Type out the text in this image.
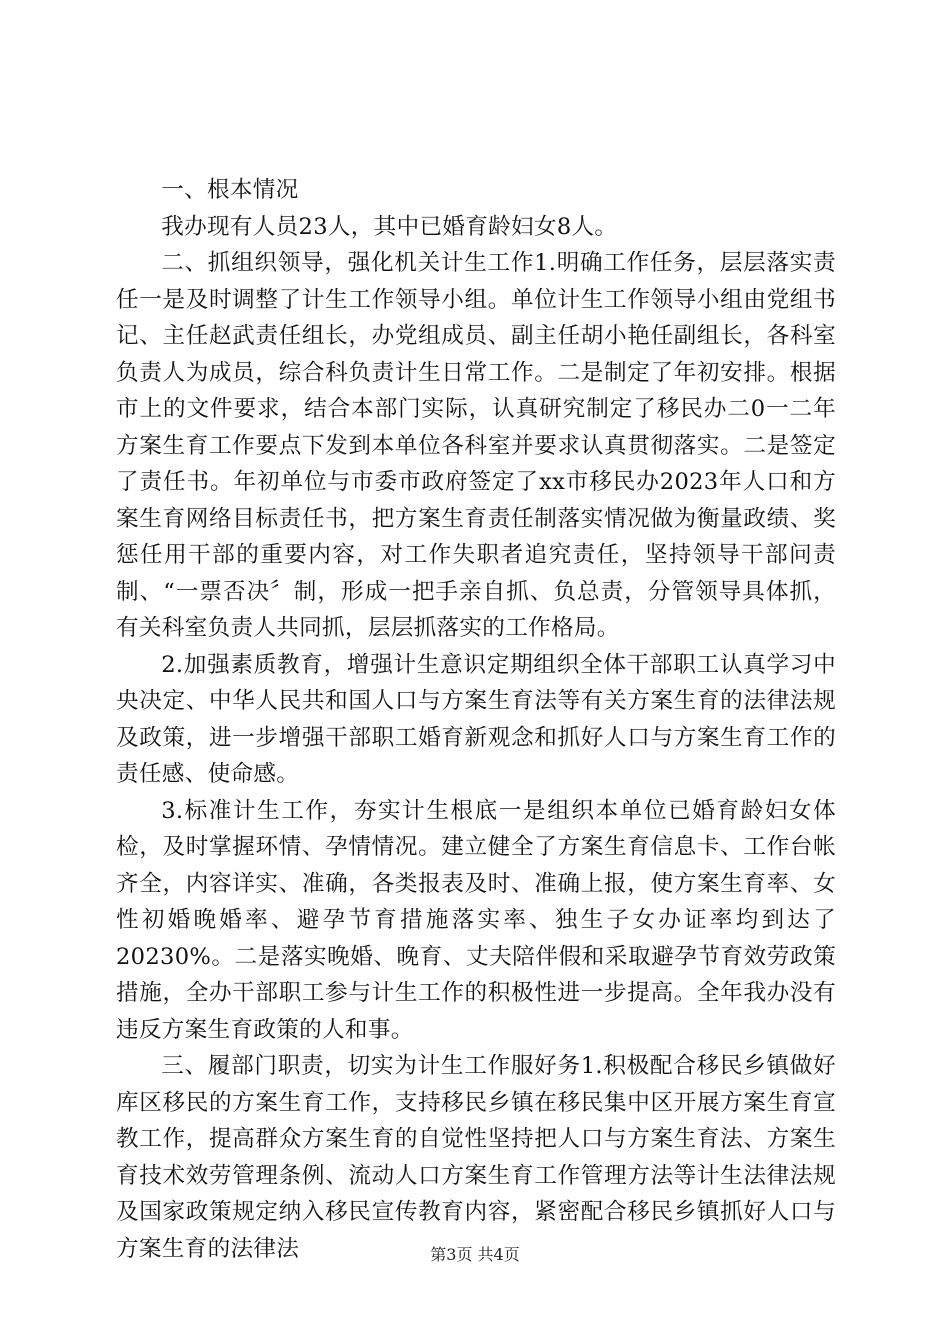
一、根本情况

我办现有人员23人，其中已婚育龄妇女8人。

二、抓组织领导，强化机关计生工作1.明确工作任务，层层落实责任一是及时调整了计生工作领导小组。单位计生工作领导小组由党组书记、主任赵武责任组长，办党组成员、副主任胡小艳任副组长，各科室负责人为成员，综合科负责计生日常工作。二是制定了年初安排。根据市上的文件要求，结合本部门实际，认真研究制定了移民办二0一二年方案生育工作要点下发到本单位各科室并要求认真贯彻落实。二是签定了责任书。年初单位与市委市政府签定了xx市移民办2023年人口和方案生育网络目标责任书，把方案生育责任制落实情况做为衡量政绩、奖惩任用干部的重要内容，对工作失职者追究责任，坚持领导干部问责制、“一票否决〞制，形成一把手亲自抓、负总责，分管领导具体抓，有关科室负责人共同抓，层层抓落实的工作格局。

2.加强素质教育，增强计生意识定期组织全体干部职工认真学习中央决定、中华人民共和国人口与方案生育法等有关方案生育的法律法规及政策，进一步增强干部职工婚育新观念和抓好人口与方案生育工作的责任感、使命感。

3.标准计生工作，夯实计生根底一是组织本单位已婚育龄妇女体检，及时掌握环情、孕情情况。建立健全了方案生育信息卡、工作台帐齐全，内容详实、准确，各类报表及时、准确上报，使方案生育率、女性初婚晚婚率、避孕节育措施落实率、独生子女办证率均到达了20230%。二是落实晚婚、晚育、丈夫陪伴假和采取避孕节育效劳政策措施，全办干部职工参与计生工作的积极性进一步提高。全年我办没有违反方案生育政策的人和事。

三、履部门职责，切实为计生工作服好务1.积极配合移民乡镇做好库区移民的方案生育工作，支持移民乡镇在移民集中区开展方案生育宣教工作，提高群众方案生育的自觉性坚持把人口与方案生育法、方案生育技术效劳管理条例、流动人口方案生育工作管理方法等计生法律法规及国家政策规定纳入移民宣传教育内容，紧密配合移民乡镇抓好人口与方案生育的法律法	第3页 共4页
